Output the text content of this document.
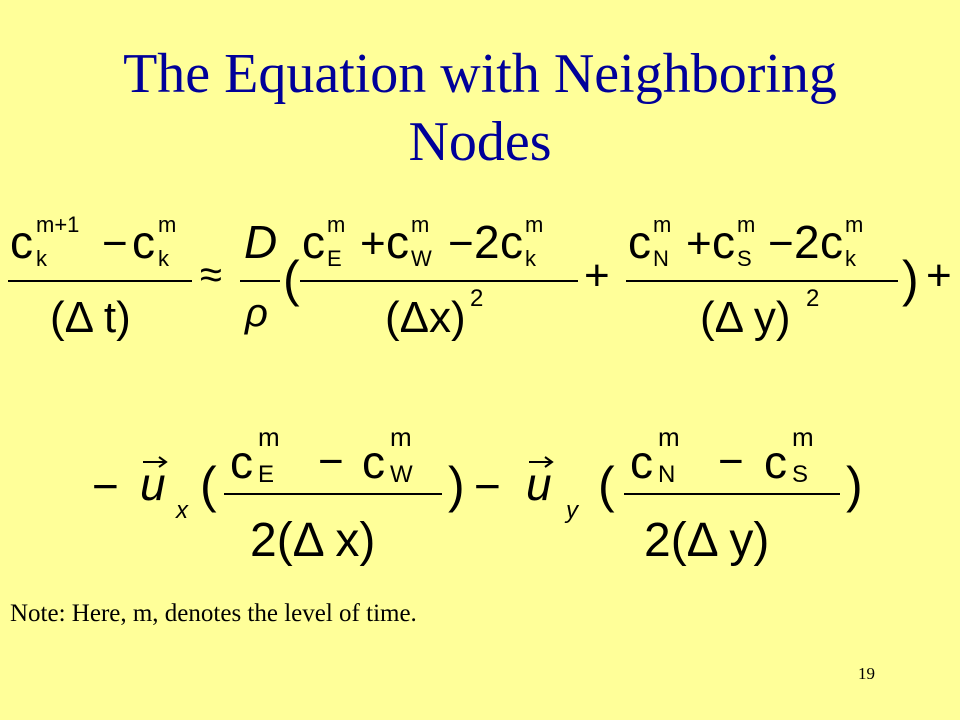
The Equation with Neighboring
Nodes
c m+1
k − c m
k
(Δ t)
≈
D
ρ
(
c m
E + c m
W − 2 c m
k
(Δx) 2 +
c m
N + c m
S − 2 c m
k
(Δ y) 2 ) +
− u
x ( c m
E − c m
W
2(Δ x)
) − u
y ( c m
N − c m
S
2(Δ y)
)
Note: Here, m, denotes the level of time.
19
